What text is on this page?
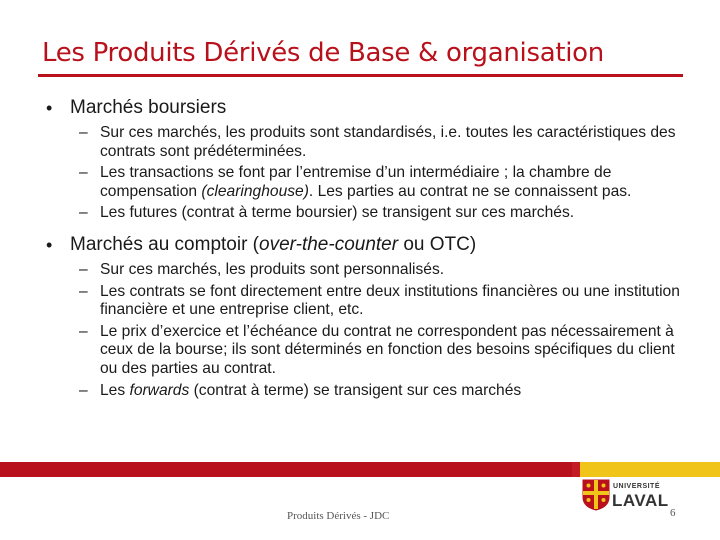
Les Produits Dérivés de Base & organisation
• Marchés boursiers
– Sur ces marchés, les produits sont standardisés, i.e. toutes les caractéristiques des contrats sont prédéterminées.
– Les transactions se font par l’entremise d’un intermédiaire ; la chambre de compensation (clearinghouse). Les parties au contrat ne se connaissent pas.
– Les futures (contrat à terme boursier) se transigent sur ces marchés.
• Marchés au comptoir (over-the-counter ou OTC)
– Sur ces marchés, les produits sont personnalisés.
– Les contrats se font directement entre deux institutions financières ou une institution financière et une entreprise client, etc.
– Le prix d’exercice et l’échéance du contrat ne correspondent pas nécessairement à ceux de la bourse; ils sont déterminés en fonction des besoins spécifiques du client ou des parties au contrat.
– Les forwards (contrat à terme) se transigent sur ces marchés
UNIVERSITÉ
LAVAL
Produits Dérivés - JDC	6
